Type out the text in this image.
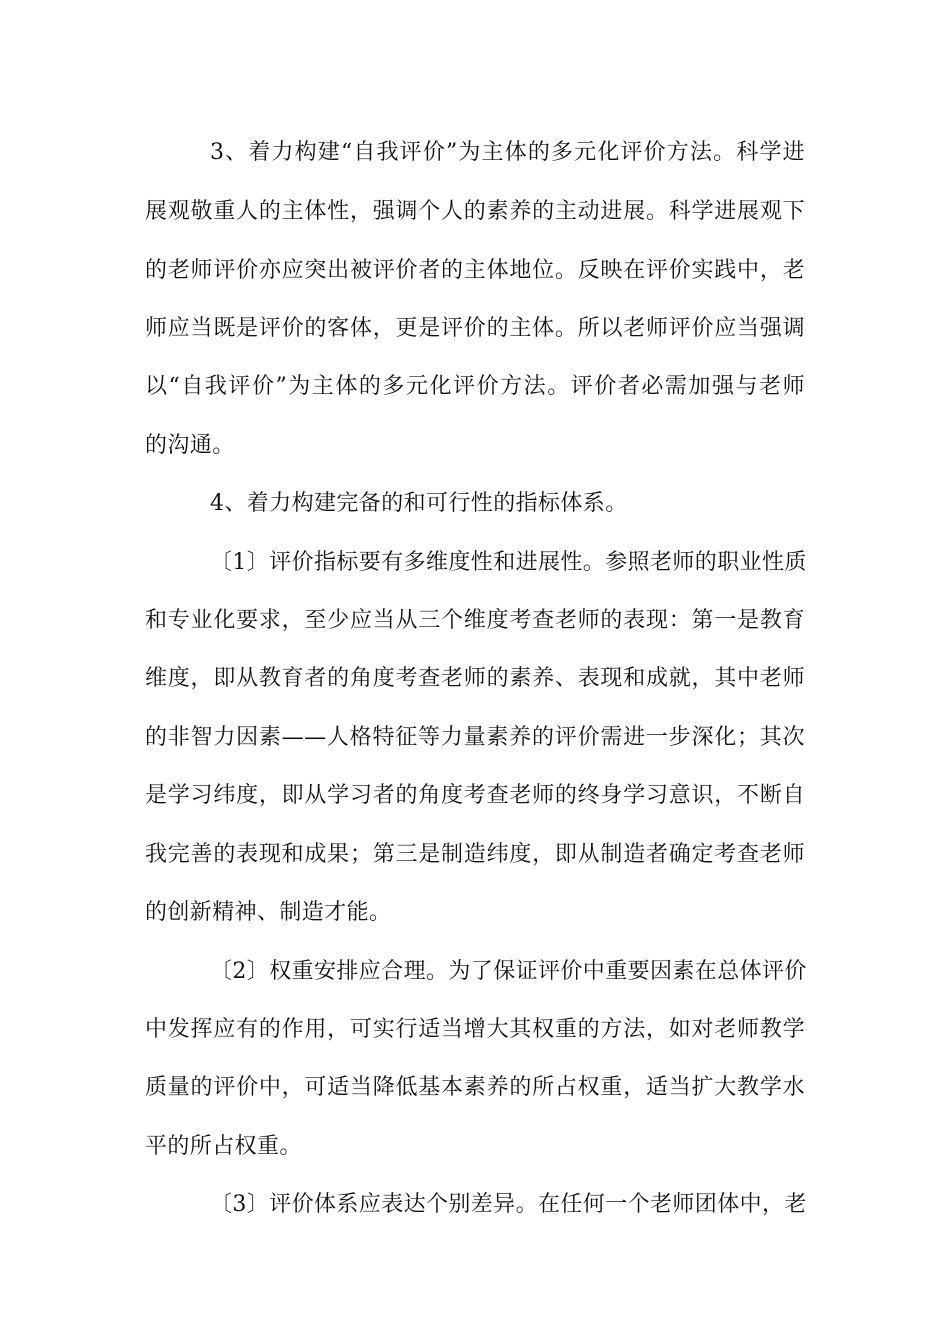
3、着力构建“自我评价”为主体的多元化评价方法。科学进
展观敬重人的主体性，强调个人的素养的主动进展。科学进展观下
的老师评价亦应突出被评价者的主体地位。反映在评价实践中，老
师应当既是评价的客体，更是评价的主体。所以老师评价应当强调
以“自我评价”为主体的多元化评价方法。评价者必需加强与老师
的沟通。
4、着力构建完备的和可行性的指标体系。
〔1〕评价指标要有多维度性和进展性。参照老师的职业性质
和专业化要求，至少应当从三个维度考查老师的表现：第一是教育
维度，即从教育者的角度考查老师的素养、表现和成就，其中老师
的非智力因素——人格特征等力量素养的评价需进一步深化；其次
是学习纬度，即从学习者的角度考查老师的终身学习意识，不断自
我完善的表现和成果；第三是制造纬度，即从制造者确定考查老师
的创新精神、制造才能。
〔2〕权重安排应合理。为了保证评价中重要因素在总体评价
中发挥应有的作用，可实行适当增大其权重的方法，如对老师教学
质量的评价中，可适当降低基本素养的所占权重，适当扩大教学水
平的所占权重。
〔3〕评价体系应表达个别差异。在任何一个老师团体中，老
